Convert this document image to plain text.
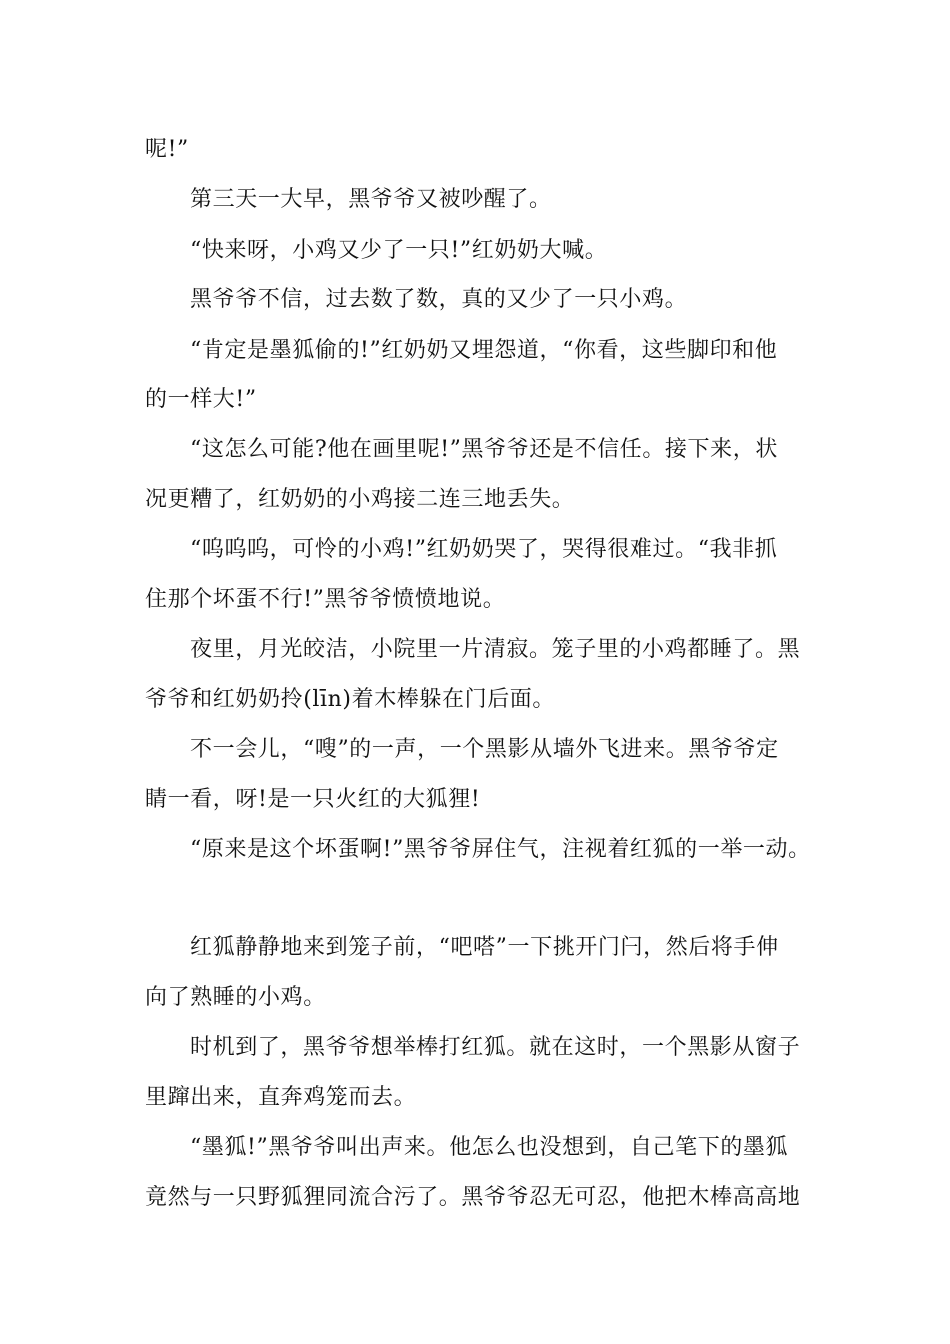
呢!”
第三天一大早，黑爷爷又被吵醒了。
“快来呀，小鸡又少了一只!”红奶奶大喊。
黑爷爷不信，过去数了数，真的又少了一只小鸡。
“肯定是墨狐偷的!”红奶奶又埋怨道，“你看，这些脚印和他
的一样大!”
“这怎么可能?他在画里呢!”黑爷爷还是不信任。接下来，状
况更糟了，红奶奶的小鸡接二连三地丢失。
“呜呜呜，可怜的小鸡!”红奶奶哭了，哭得很难过。“我非抓
住那个坏蛋不行!”黑爷爷愤愤地说。
夜里，月光皎洁，小院里一片清寂。笼子里的小鸡都睡了。黑
爷爷和红奶奶拎(līn)着木棒躲在门后面。
不一会儿，“嗖”的一声，一个黑影从墙外飞进来。黑爷爷定
睛一看，呀!是一只火红的大狐狸!
“原来是这个坏蛋啊!”黑爷爷屏住气，注视着红狐的一举一动。
红狐静静地来到笼子前，“吧嗒”一下挑开门闩，然后将手伸
向了熟睡的小鸡。
时机到了，黑爷爷想举棒打红狐。就在这时，一个黑影从窗子
里蹿出来，直奔鸡笼而去。
“墨狐!”黑爷爷叫出声来。他怎么也没想到，自己笔下的墨狐
竟然与一只野狐狸同流合污了。黑爷爷忍无可忍，他把木棒高高地
